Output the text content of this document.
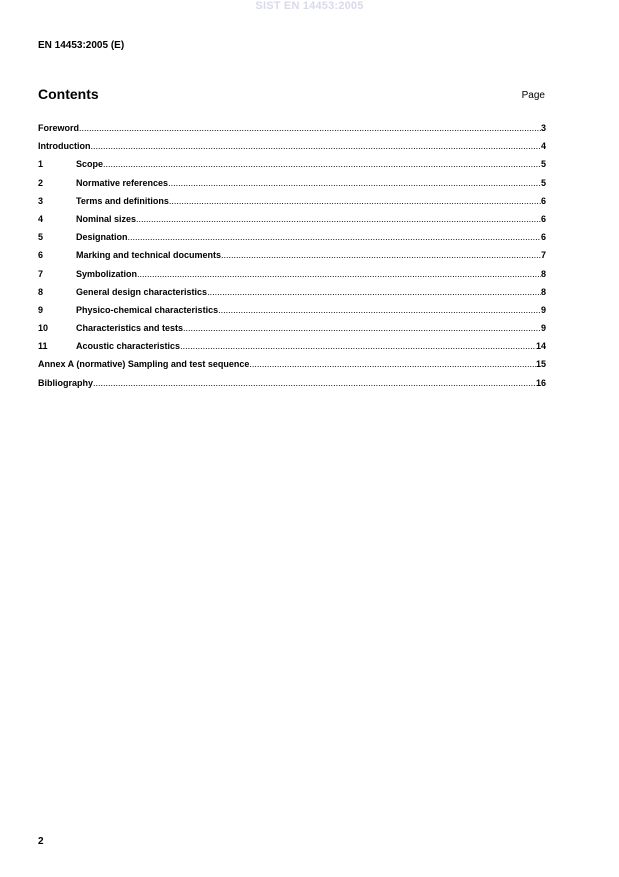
SIST EN 14453:2005
EN 14453:2005 (E)
Contents	Page
Foreword .....	3
Introduction .....	4
1	Scope .....	5
2	Normative references .....	5
3	Terms and definitions .....	6
4	Nominal sizes .....	6
5	Designation .....	6
6	Marking and technical documents .....	7
7	Symbolization .....	8
8	General design characteristics .....	8
9	Physico-chemical characteristics .....	9
10	Characteristics and tests .....	9
11	Acoustic characteristics .....	14
Annex A (normative) Sampling and test sequence .....	15
Bibliography .....	16
2
